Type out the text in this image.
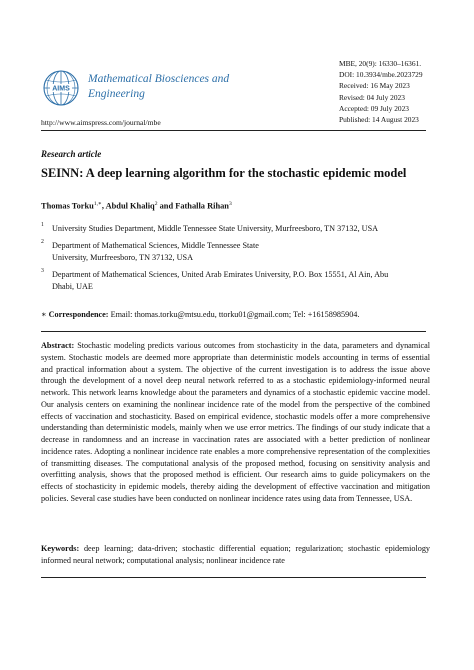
AIMS
Mathematical Biosciences and Engineering
http://www.aimspress.com/journal/mbe
MBE, 20(9): 16330–16361.
DOI: 10.3934/mbe.2023729
Received: 16 May 2023
Revised: 04 July 2023
Accepted: 09 July 2023
Published: 14 August 2023
Research article
SEINN: A deep learning algorithm for the stochastic epidemic model
Thomas Torku$^{1,∗}$, Abdul Khaliq$^2$ and Fathalla Rihan$^3$
1 University Studies Department, Middle Tennessee State University, Murfreesboro, TN 37132, USA
2 Department of Mathematical Sciences, Middle Tennessee State University, Murfreesboro, TN 37132, USA
3 Department of Mathematical Sciences, United Arab Emirates University, P.O. Box 15551, Al Ain, Abu Dhabi, UAE
∗ Correspondence: Email: thomas.torku@mtsu.edu, ttorku01@gmail.com; Tel: +16158985904.
Abstract: Stochastic modeling predicts various outcomes from stochasticity in the data, parameters and dynamical system. Stochastic models are deemed more appropriate than deterministic models accounting in terms of essential and practical information about a system. The objective of the current investigation is to address the issue above through the development of a novel deep neural network referred to as a stochastic epidemiology-informed neural network. This network learns knowledge about the parameters and dynamics of a stochastic epidemic vaccine model. Our analysis centers on examining the nonlinear incidence rate of the model from the perspective of the combined effects of vaccination and stochasticity. Based on empirical evidence, stochastic models offer a more comprehensive understanding than deterministic models, mainly when we use error metrics. The findings of our study indicate that a decrease in randomness and an increase in vaccination rates are associated with a better prediction of nonlinear incidence rates. Adopting a nonlinear incidence rate enables a more comprehensive representation of the complexities of transmitting diseases. The computational analysis of the proposed method, focusing on sensitivity analysis and overfitting analysis, shows that the proposed method is efficient. Our research aims to guide policymakers on the effects of stochasticity in epidemic models, thereby aiding the development of effective vaccination and mitigation policies. Several case studies have been conducted on nonlinear incidence rates using data from Tennessee, USA.
Keywords: deep learning; data-driven; stochastic differential equation; regularization; stochastic epidemiology informed neural network; computational analysis; nonlinear incidence rate
